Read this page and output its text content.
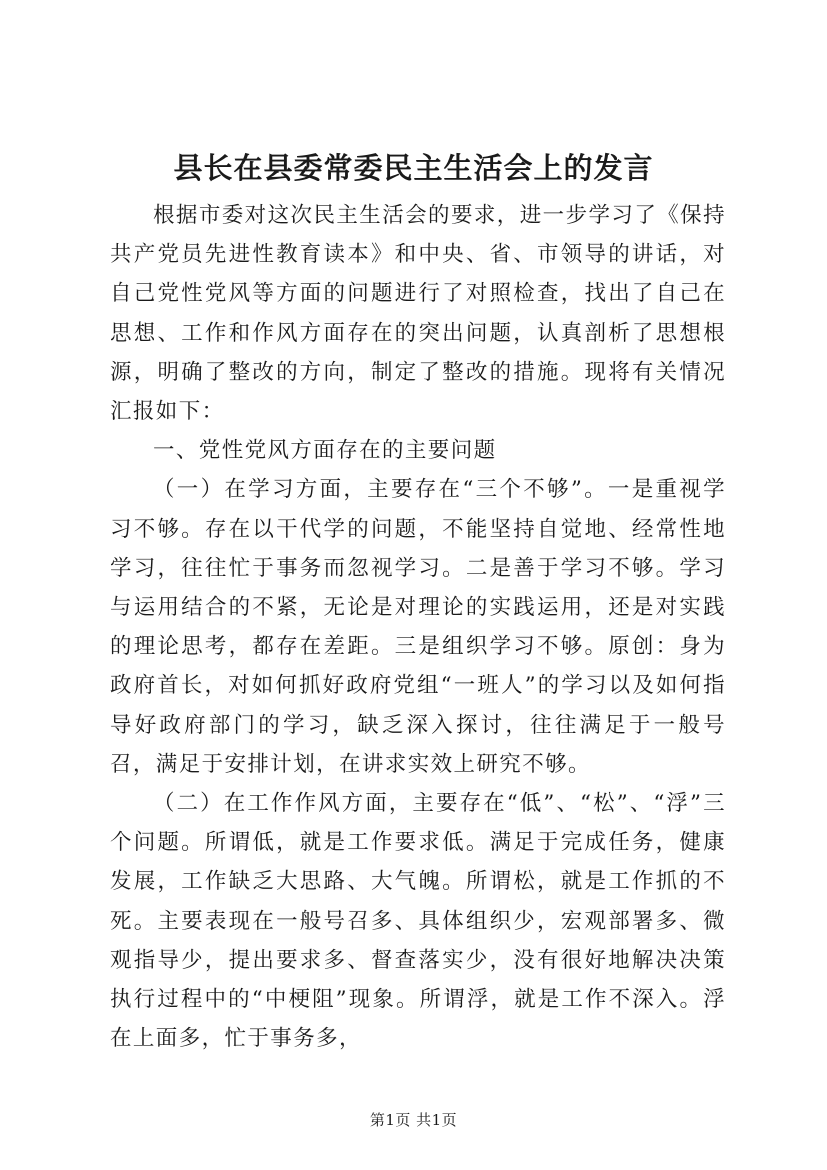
县长在县委常委民主生活会上的发言

根据市委对这次民主生活会的要求，进一步学习了《保持共产党员先进性教育读本》和中央、省、市领导的讲话，对自己党性党风等方面的问题进行了对照检查，找出了自己在思想、工作和作风方面存在的突出问题，认真剖析了思想根源，明确了整改的方向，制定了整改的措施。现将有关情况汇报如下：

一、党性党风方面存在的主要问题

（一）在学习方面，主要存在“三个不够”。一是重视学习不够。存在以干代学的问题，不能坚持自觉地、经常性地学习，往往忙于事务而忽视学习。二是善于学习不够。学习与运用结合的不紧，无论是对理论的实践运用，还是对实践的理论思考，都存在差距。三是组织学习不够。原创：身为政府首长，对如何抓好政府党组“一班人”的学习以及如何指导好政府部门的学习，缺乏深入探讨，往往满足于一般号召，满足于安排计划，在讲求实效上研究不够。

（二）在工作作风方面，主要存在“低”、“松”、“浮”三个问题。所谓低，就是工作要求低。满足于完成任务，健康发展，工作缺乏大思路、大气魄。所谓松，就是工作抓的不死。主要表现在一般号召多、具体组织少，宏观部署多、微观指导少，提出要求多、督查落实少，没有很好地解决决策执行过程中的“中梗阻”现象。所谓浮，就是工作不深入。浮在上面多，忙于事务多，

第1页 共1页
